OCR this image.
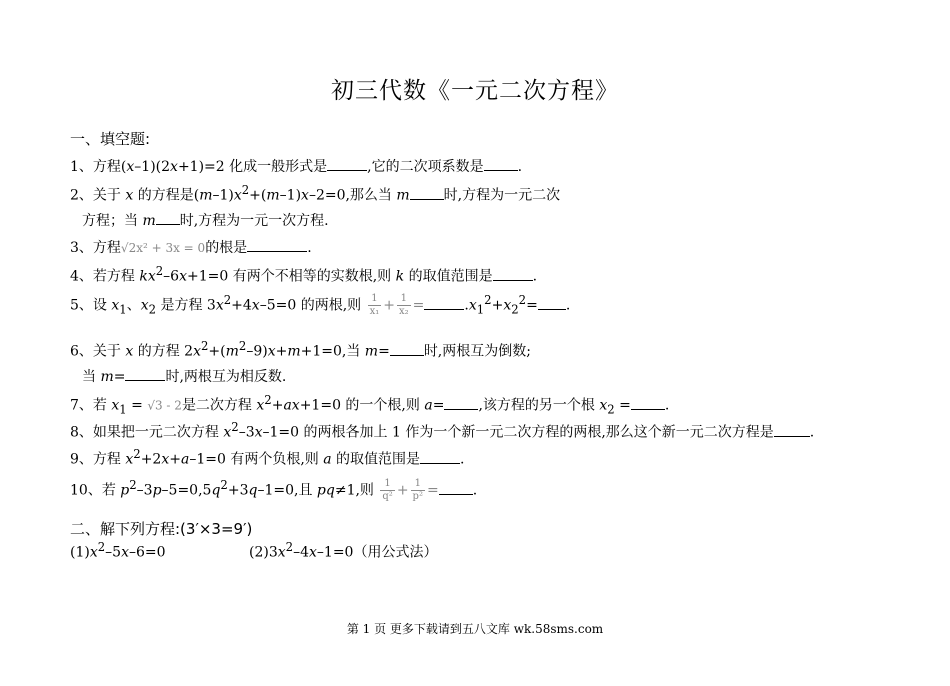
初三代数《一元二次方程》
一、填空题:
1、方程(x–1)(2x+1)=2 化成一般形式是	,它的二次项系数是 .
2、关于 x 的方程是$(m-1)x^2+(m-1)x-2=0$,那么当 m 时,方程为一元二次
方程；当 m 时,方程为一元一次方程.
3、方程√2x² + 3x = 0的根是	.
4、若方程 $kx^2-6x+1=0$ 有两个不相等的实数根,则 k 的取值范围是	.
5、设 $x_1$、$x_2$ 是方程 $3x^2+4x-5=0$ 的两根,则 $\frac{1}{\text{x₁}} + \frac{1}{\text{x₂}}$ =	$.x_1^2+x_2^2=$ .
6、关于 x 的方程 $2x^2+(m^2-9)x+m+1=0$,当 m= 时,两根互为倒数;
当 m=	时,两根互为相反数.
7、若 $x_1 = √3 - 2$是二次方程 $x^2+ax+1=0$ 的一个根,则 a= ,该方程的另一个根 $x_2$ = .
8、如果把一元二次方程 $x^2-3x-1=0$ 的两根各加上 1 作为一个新一元二次方程的两根,那么这个新一元二次方程是	.
9、方程 $x^2+2x+a-1=0$ 有两个负根,则 a 的取值范围是	.
10、若 $p^2-3p-5=0,5q^2+3q-1=0$,且 pq≠1,则 $\frac{1}{\text{q²}} + \frac{1}{\text{p²}}$ = .
二、解下列方程:(3′×3=9′)
$(1)x^2-5x-6=0$	$(2)3x^2-4x-1=0$（用公式法）
第 1 页 更多下载请到五八文库 wk.58sms.com
